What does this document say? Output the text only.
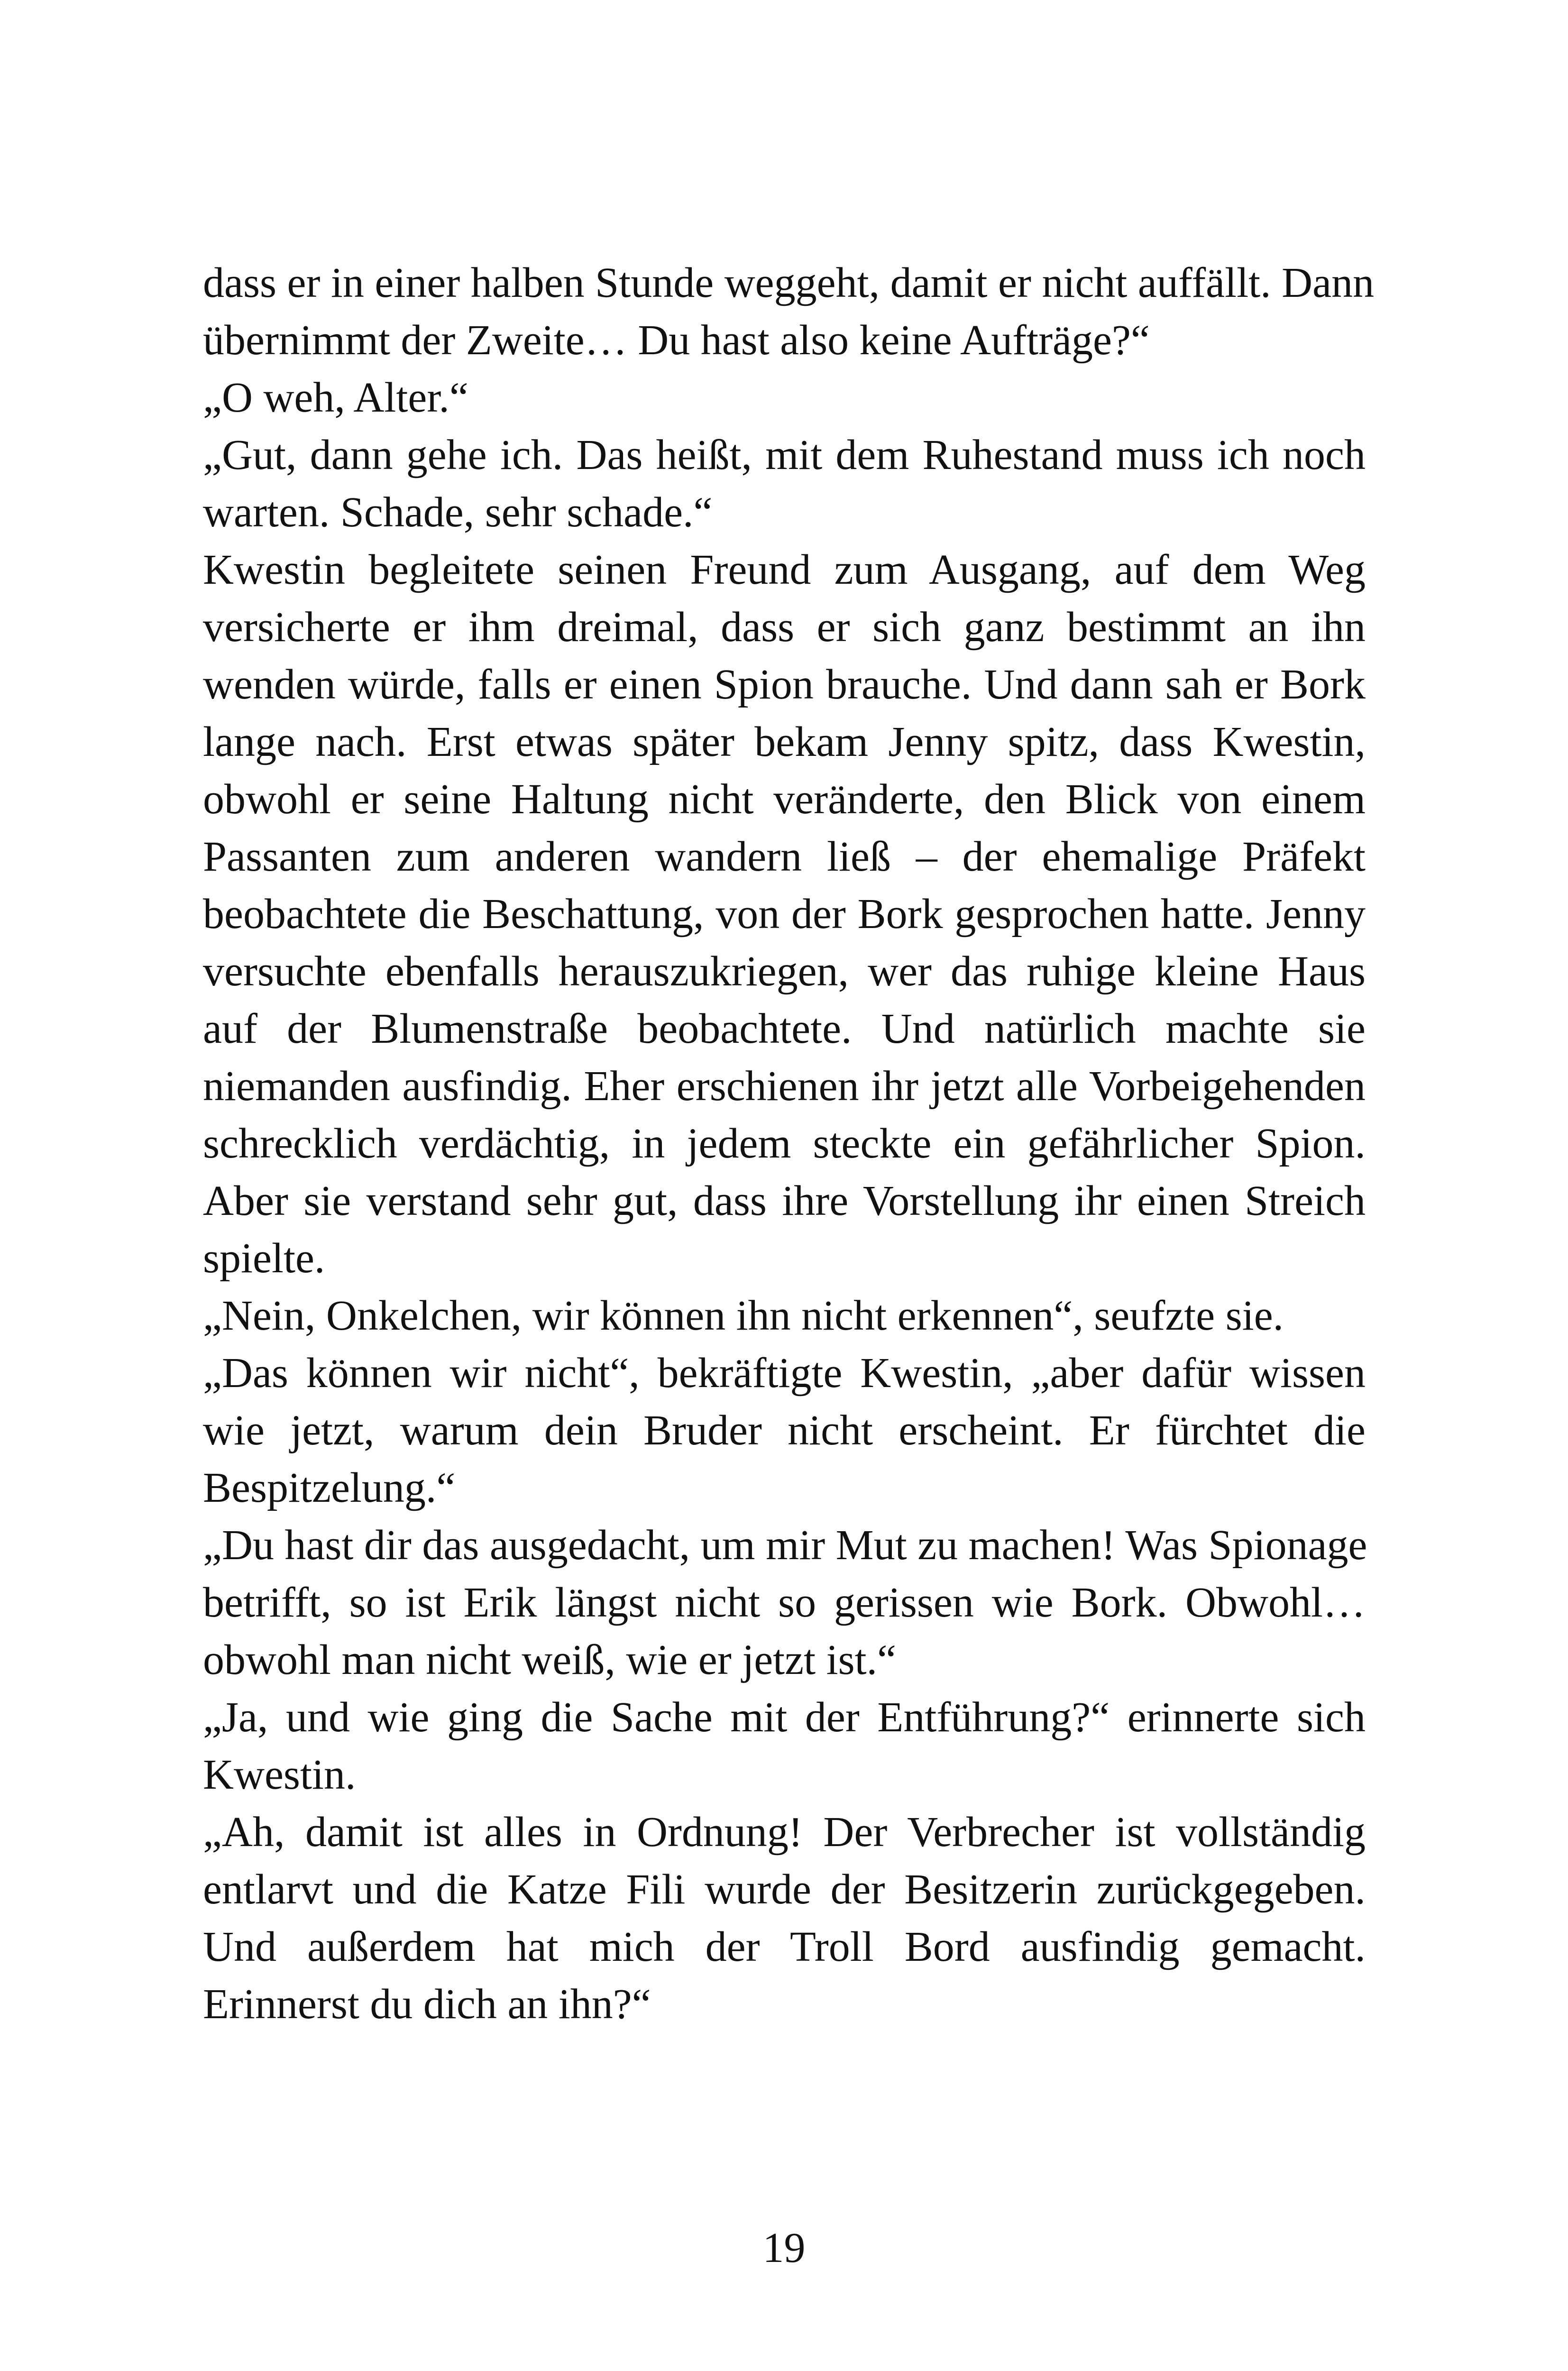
dass er in einer halben Stunde weggeht, damit er nicht auffällt. Dann
übernimmt der Zweite… Du hast also keine Aufträge?“
„O weh, Alter.“
„Gut, dann gehe ich. Das heißt, mit dem Ruhestand muss ich noch
warten. Schade, sehr schade.“
Kwestin begleitete seinen Freund zum Ausgang, auf dem Weg
versicherte er ihm dreimal, dass er sich ganz bestimmt an ihn
wenden würde, falls er einen Spion brauche. Und dann sah er Bork
lange nach. Erst etwas später bekam Jenny spitz, dass Kwestin,
obwohl er seine Haltung nicht veränderte, den Blick von einem
Passanten zum anderen wandern ließ – der ehemalige Präfekt
beobachtete die Beschattung, von der Bork gesprochen hatte. Jenny
versuchte ebenfalls herauszukriegen, wer das ruhige kleine Haus
auf der Blumenstraße beobachtete. Und natürlich machte sie
niemanden ausfindig. Eher erschienen ihr jetzt alle Vorbeigehenden
schrecklich verdächtig, in jedem steckte ein gefährlicher Spion.
Aber sie verstand sehr gut, dass ihre Vorstellung ihr einen Streich
spielte.
„Nein, Onkelchen, wir können ihn nicht erkennen“, seufzte sie.
„Das können wir nicht“, bekräftigte Kwestin, „aber dafür wissen
wie jetzt, warum dein Bruder nicht erscheint. Er fürchtet die
Bespitzelung.“
„Du hast dir das ausgedacht, um mir Mut zu machen! Was Spionage
betrifft, so ist Erik längst nicht so gerissen wie Bork. Obwohl…
obwohl man nicht weiß, wie er jetzt ist.“
„Ja, und wie ging die Sache mit der Entführung?“ erinnerte sich
Kwestin.
„Ah, damit ist alles in Ordnung! Der Verbrecher ist vollständig
entlarvt und die Katze Fili wurde der Besitzerin zurückgegeben.
Und außerdem hat mich der Troll Bord ausfindig gemacht.
Erinnerst du dich an ihn?“
19
